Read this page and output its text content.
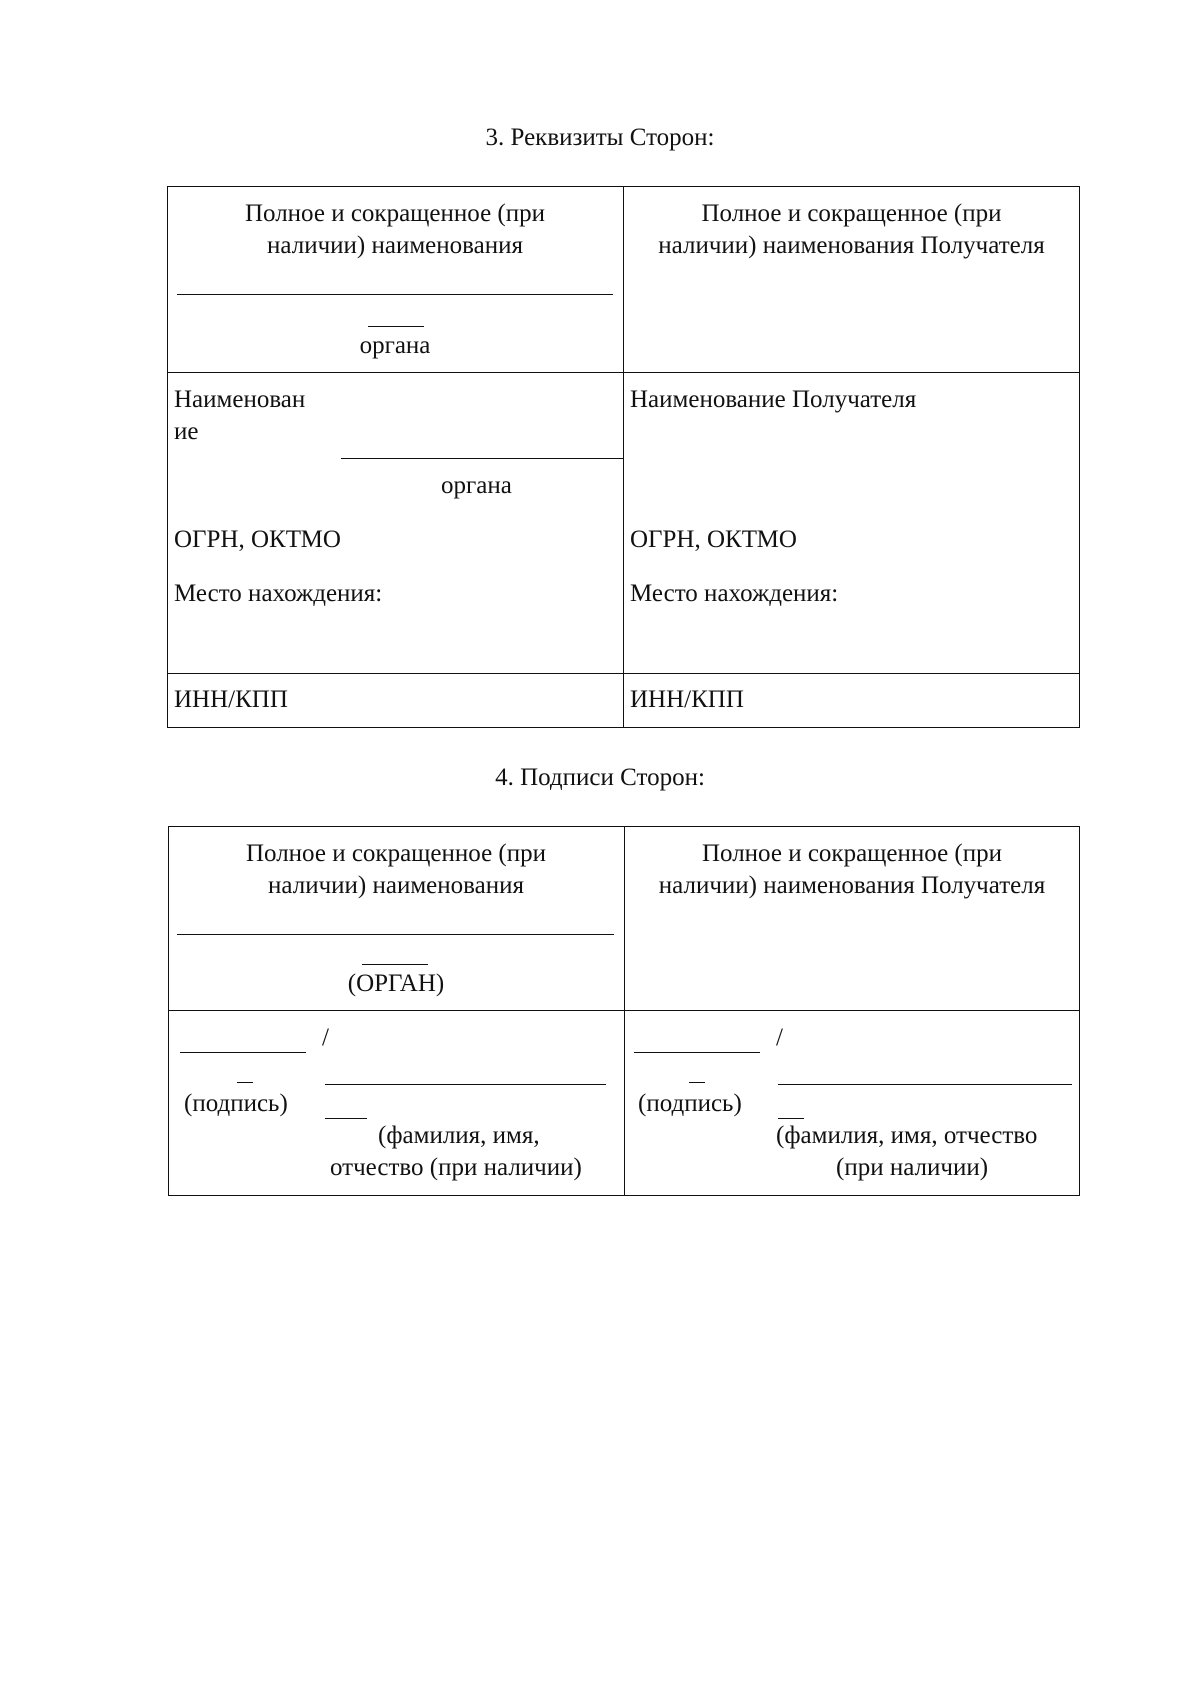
3. Реквизиты Сторон:
Полное и сокращенное (при
наличии) наименования
органа
Полное и сокращенное (при
наличии) наименования Получателя
Наименован
ие
органа
ОГРН, ОКТМО
Место нахождения:
Наименование Получателя
ОГРН, ОКТМО
Место нахождения:
ИНН/КПП	ИНН/КПП
4. Подписи Сторон:
Полное и сокращенное (при
наличии) наименования
(ОРГАН)
Полное и сокращенное (при
наличии) наименования Получателя
/
(подпись)
(фамилия, имя,
отчество (при наличии)
/
(подпись)
(фамилия, имя, отчество
(при наличии)
